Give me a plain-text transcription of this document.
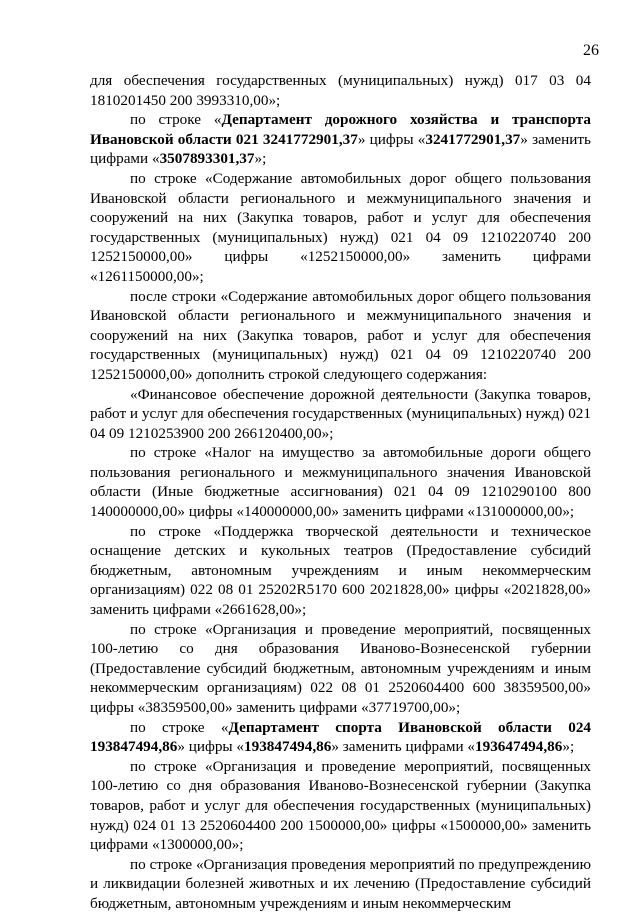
26

для обеспечения государственных (муниципальных) нужд) 017 03 04 1810201450 200 3993310,00»;

по строке «Департамент дорожного хозяйства и транспорта Ивановской области 021 3241772901,37» цифры «3241772901,37» заменить цифрами «3507893301,37»;

по строке «Содержание автомобильных дорог общего пользования Ивановской области регионального и межмуниципального значения и сооружений на них (Закупка товаров, работ и услуг для обеспечения государственных (муниципальных) нужд) 021 04 09 1210220740 200 1252150000,00» цифры «1252150000,00» заменить цифрами «1261150000,00»;

после строки «Содержание автомобильных дорог общего пользования Ивановской области регионального и межмуниципального значения и сооружений на них (Закупка товаров, работ и услуг для обеспечения государственных (муниципальных) нужд) 021 04 09 1210220740 200 1252150000,00» дополнить строкой следующего содержания:

«Финансовое обеспечение дорожной деятельности (Закупка товаров, работ и услуг для обеспечения государственных (муниципальных) нужд) 021 04 09 1210253900 200 266120400,00»;

по строке «Налог на имущество за автомобильные дороги общего пользования регионального и межмуниципального значения Ивановской области (Иные бюджетные ассигнования) 021 04 09 1210290100 800 140000000,00» цифры «140000000,00» заменить цифрами «131000000,00»;

по строке «Поддержка творческой деятельности и техническое оснащение детских и кукольных театров (Предоставление субсидий бюджетным, автономным учреждениям и иным некоммерческим организациям) 022 08 01 25202R5170 600 2021828,00» цифры «2021828,00» заменить цифрами «2661628,00»;

по строке «Организация и проведение мероприятий, посвященных 100-летию со дня образования Иваново-Вознесенской губернии (Предоставление субсидий бюджетным, автономным учреждениям и иным некоммерческим организациям) 022 08 01 2520604400 600 38359500,00» цифры «38359500,00» заменить цифрами «37719700,00»;

по строке «Департамент спорта Ивановской области 024 193847494,86» цифры «193847494,86» заменить цифрами «193647494,86»;

по строке «Организация и проведение мероприятий, посвященных 100-летию со дня образования Иваново-Вознесенской губернии (Закупка товаров, работ и услуг для обеспечения государственных (муниципальных) нужд) 024 01 13 2520604400 200 1500000,00» цифры «1500000,00» заменить цифрами «1300000,00»;

по строке «Организация проведения мероприятий по предупреждению и ликвидации болезней животных и их лечению (Предоставление субсидий бюджетным, автономным учреждениям и иным некоммерческим
